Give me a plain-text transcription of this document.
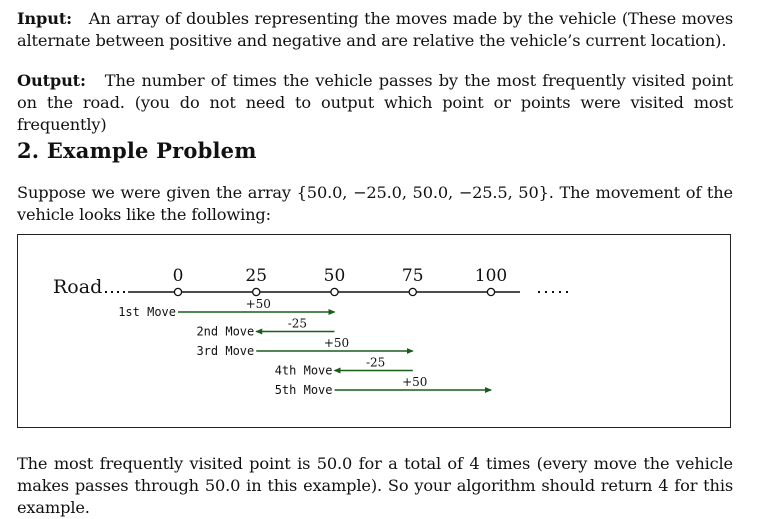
Input: An array of doubles representing the moves made by the vehicle (These moves alternate between positive and negative and are relative the vehicle’s current location).

Output: The number of times the vehicle passes by the most frequently visited point on the road. (you do not need to output which point or points were visited most frequently)

2. Example Problem

Suppose we were given the array {50.0, −25.0, 50.0, −25.5, 50}. The movement of the vehicle looks like the following:

Road	0	25	50	75	100
1st Move
+50
2nd Move
-25
3rd Move
+50
4th Move
-25
5th Move
+50

The most frequently visited point is 50.0 for a total of 4 times (every move the vehicle makes passes through 50.0 in this example). So your algorithm should return 4 for this example.
